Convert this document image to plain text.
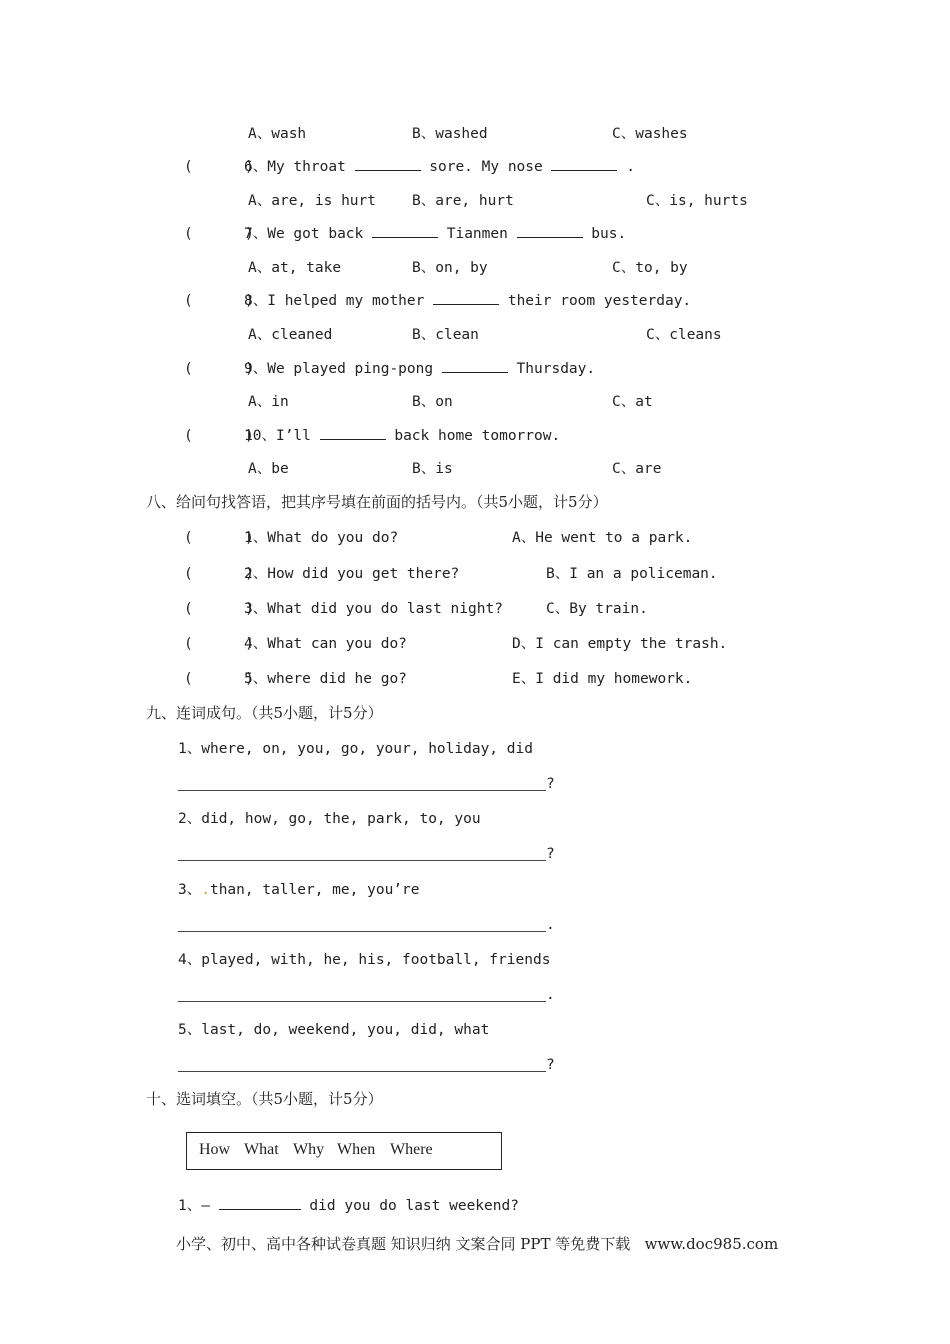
A、wash	B、washed	C、washes
(      )
6、My throat	sore. My nose	.
A、are, is hurt B、are, hurt	C、is, hurts
(      )
7、We got back	Tianmen	bus.
A、at, take	B、on, by	C、to, by
(      )
8、I helped my mother	their room yesterday.
A、cleaned	B、clean	C、cleans
(      )
9、We played ping-pong	Thursday.
A、in	B、on	C、at
(      )
10、I’ll	back home tomorrow.
A、be	B、is	C、are
八、给问句找答语，把其序号填在前面的括号内。（共5小题，计5分）
(      )
1、What do you do?	A、He went to a park.
(      )
2、How did you get there?	B、I an a policeman.
(      )
3、What did you do last night?	C、By train.
(      )
4、What can you do?	D、I can empty the trash.
(      )
5、where did he go?	E、I did my homework.
九、连词成句。（共5小题，计5分）
1、where, on, you, go, your, holiday, did
?
2、did, how, go, the, park, to, you
?
3、.than, taller, me, you’re
.
4、played, with, he, his, football, friends
.
5、last, do, weekend, you, did, what
?
十、选词填空。（共5小题，计5分）
How What Why When Where
1、—	did you do last weekend?
小学、初中、高中各种试卷真题 知识归纳 文案合同 PPT 等免费下载   www.doc985.com
